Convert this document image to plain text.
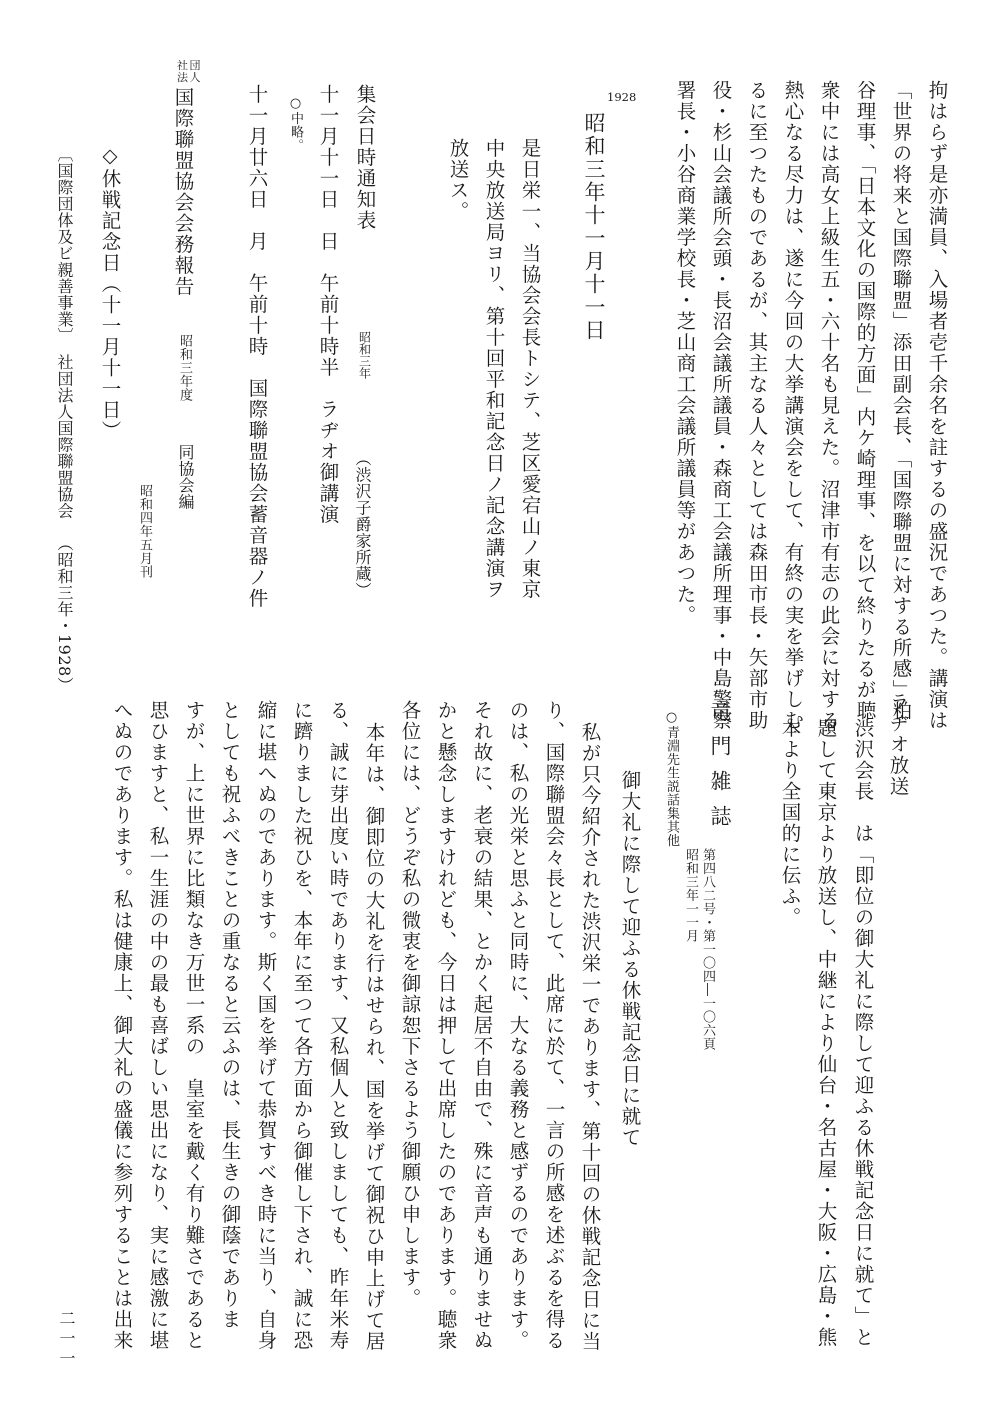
拘はらず是亦満員、入場者壱千余名を註するの盛況であつた。講演は
「世界の将来と国際聯盟」添田副会長、「国際聯盟に対する所感」粕
谷理事、「日本文化の国際的方面」内ケ崎理事、を以て終りたるが聴
衆中には高女上級生五・六十名も見えた。沼津市有志の此会に対する
熱心なる尽力は、遂に今回の大挙講演会をして、有終の実を挙げしむ
るに至つたものであるが、其主なる人々としては森田市長・矢部市助
役・杉山会議所会頭・長沼会議所議員・森商工会議所理事・中島警察
署長・小谷商業学校長・芝山商工会議所議員等があつた。
1928
昭和三年十一月十一日
是日栄一、当協会会長トシテ、芝区愛宕山ノ東京
中央放送局ヨリ、第十回平和記念日ノ記念講演ヲ
放送ス。
（渋沢子爵家所蔵）
集会日時通知表昭和三年
十一月十一日　日　午前十時半　ラヂオ御講演
○中略。
十一月廿六日　月　午前十時　国際聯盟協会蓄音器ノ件
社団
法人国際聯盟協会会務報告
昭和三年度
同協会編
昭和四年五月刊
◇休戦記念日（十一月十一日）
〔国際団体及ビ親善事業〕
社団法人国際聯盟協会（昭和三年・1928）
ラヂオ放送
渋沢会長　は「即位の御大礼に際して迎ふる休戦記念日に就て」と
題して東京より放送し、中継により仙台・名古屋・大阪・広島・熊
本より全国的に伝ふ。
竜門雑誌
第四八二号・第一〇四―一〇六頁
昭和三年一一月
○青淵先生説話集其他
御大礼に際して迎ふる休戦記念日に就て
私が只今紹介された渋沢栄一であります、第十回の休戦記念日に当
り、国際聯盟会々長として、此席に於て、一言の所感を述ぶるを得る
のは、私の光栄と思ふと同時に、大なる義務と感ずるのであります。
それ故に、老衰の結果、とかく起居不自由で、殊に音声も通りませぬ
かと懸念しますけれども、今日は押して出席したのであります。聴衆
各位には、どうぞ私の微衷を御諒恕下さるよう御願ひ申します。
本年は、御即位の大礼を行はせられ、国を挙げて御祝ひ申上げて居
る、誠に芽出度い時であります、又私個人と致しましても、昨年米寿
に躋りました祝ひを、本年に至つて各方面から御催し下され、誠に恐
縮に堪へぬのであります。斯く国を挙げて恭賀すべき時に当り、自身
としても祝ふべきことの重なると云ふのは、長生きの御蔭でありま
すが、上に世界に比類なき万世一系の　皇室を戴く有り難さであると
思ひますと、私一生涯の中の最も喜ばしい思出になり、実に感激に堪
へぬのであります。私は健康上、御大礼の盛儀に参列することは出来
二一一
